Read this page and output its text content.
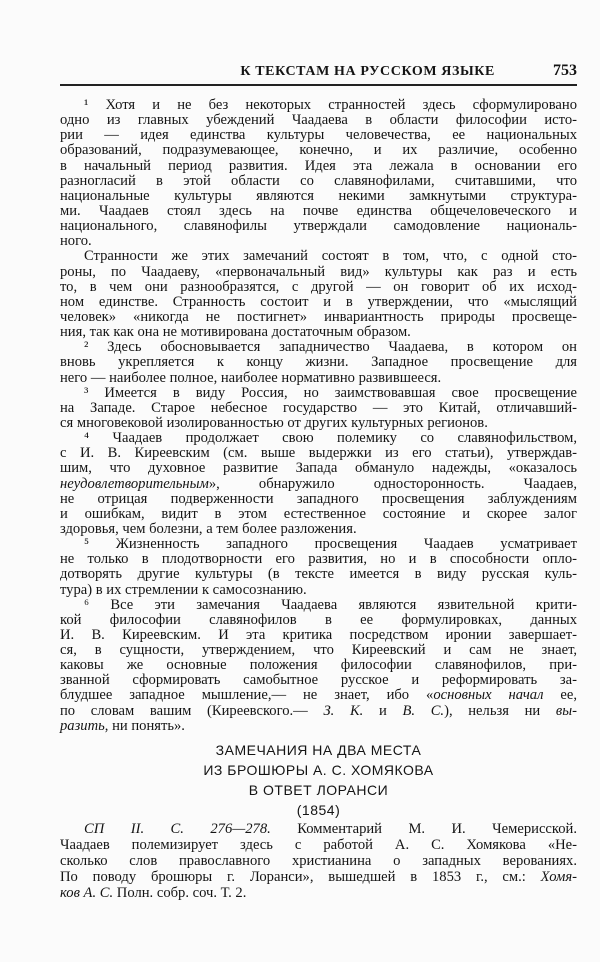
К ТЕКСТАМ НА РУССКОМ ЯЗЫКЕ	753
¹ Хотя и не без некоторых странностей здесь сформулировано
одно из главных убеждений Чаадаева в области философии исто-
рии — идея единства культуры человечества, ее национальных
образований, подразумевающее, конечно, и их различие, особенно
в начальный период развития. Идея эта лежала в основании его
разногласий в этой области со славянофилами, считавшими, что
национальные культуры являются некими замкнутыми структура-
ми. Чаадаев стоял здесь на почве единства общечеловеческого и
национального, славянофилы утверждали самодовление националь-
ного.
Странности же этих замечаний состоят в том, что, с одной сто-
роны, по Чаадаеву, «первоначальный вид» культуры как раз и есть
то, в чем они разнообразятся, с другой — он говорит об их исход-
ном единстве. Странность состоит и в утверждении, что «мыслящий
человек» «никогда не постигнет» инвариантность природы просвеще-
ния, так как она не мотивирована достаточным образом.
² Здесь обосновывается западничество Чаадаева, в котором он
вновь укрепляется к концу жизни. Западное просвещение для
него — наиболее полное, наиболее нормативно развившееся.
³ Имеется в виду Россия, но заимствовавшая свое просвещение
на Западе. Старое небесное государство — это Китай, отличавший-
ся многовековой изолированностью от других культурных регионов.
⁴ Чаадаев продолжает свою полемику со славянофильством,
с И. В. Киреевским (см. выше выдержки из его статьи), утверждав-
шим, что духовное развитие Запада обмануло надежды, «оказалось
неудовлетворительным», обнаружило односторонность. Чаадаев,
не отрицая подверженности западного просвещения заблуждениям
и ошибкам, видит в этом естественное состояние и скорее залог
здоровья, чем болезни, а тем более разложения.
⁵ Жизненность западного просвещения Чаадаев усматривает
не только в плодотворности его развития, но и в способности опло-
дотворять другие культуры (в тексте имеется в виду русская куль-
тура) в их стремлении к самосознанию.
⁶ Все эти замечания Чаадаева являются язвительной крити-
кой философии славянофилов в ее формулировках, данных
И. В. Киреевским. И эта критика посредством иронии завершает-
ся, в сущности, утверждением, что Киреевский и сам не знает,
каковы же основные положения философии славянофилов, при-
званной сформировать самобытное русское и реформировать за-
блудшее западное мышление,— не знает, ибо «основных начал ее,
по словам вашим (Киреевского.— З. К. и В. С.), нельзя ни вы-
разить, ни понять».
ЗАМЕЧАНИЯ НА ДВА МЕСТА
ИЗ БРОШЮРЫ А. С. ХОМЯКОВА
В ОТВЕТ ЛОРАНСИ
(1854)
СП II. С. 276—278. Комментарий М. И. Чемерисской.
Чаадаев полемизирует здесь с работой А. С. Хомякова «Не-
сколько слов православного христианина о западных верованиях.
По поводу брошюры г. Лоранси», вышедшей в 1853 г., см.: Хомя-
ков А. С. Полн. собр. соч. Т. 2.
